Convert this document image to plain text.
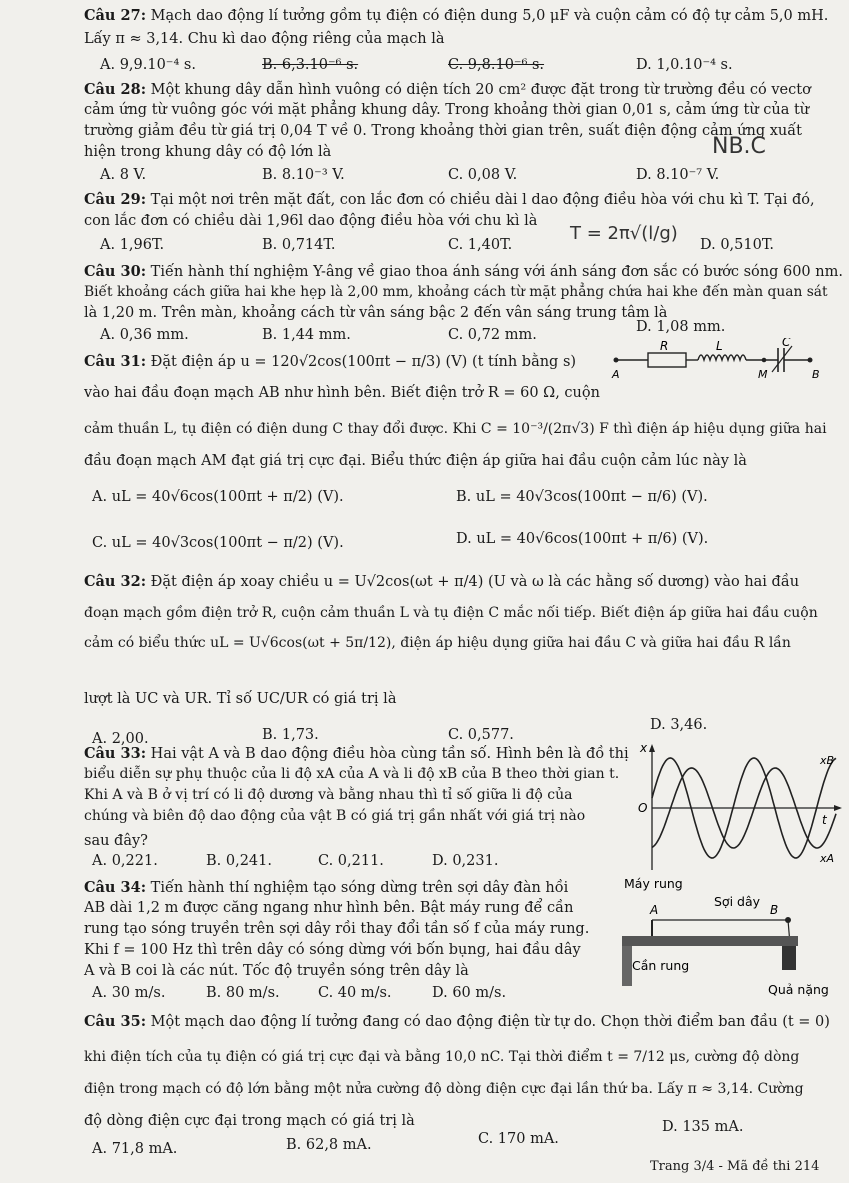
Câu 27: Mạch dao động lí tưởng gồm tụ điện có điện dung 5,0 μF và cuộn cảm có độ tự cảm 5,0 mH.
Lấy π ≈ 3,14. Chu kì dao động riêng của mạch là
A. 9,9.10⁻⁴ s.	B. 6,3.10⁻⁶ s.	C. 9,8.10⁻⁶ s.	D. 1,0.10⁻⁴ s.
Câu 28: Một khung dây dẫn hình vuông có diện tích 20 cm² được đặt trong từ trường đều có vectơ
cảm ứng từ vuông góc với mặt phẳng khung dây. Trong khoảng thời gian 0,01 s, cảm ứng từ của từ
trường giảm đều từ giá trị 0,04 T về 0. Trong khoảng thời gian trên, suất điện động cảm ứng xuất
hiện trong khung dây có độ lớn là	NB.C
A. 8 V.	B. 8.10⁻³ V.	C. 0,08 V.	D. 8.10⁻⁷ V.
Câu 29: Tại một nơi trên mặt đất, con lắc đơn có chiều dài l dao động điều hòa với chu kì T. Tại đó,
con lắc đơn có chiều dài 1,96l dao động điều hòa với chu kì là
T = 2π√(l/g)
A. 1,96T.	B. 0,714T.	C. 1,40T.	D. 0,510T.
Câu 30: Tiến hành thí nghiệm Y-âng về giao thoa ánh sáng với ánh sáng đơn sắc có bước sóng 600 nm.
Biết khoảng cách giữa hai khe hẹp là 2,00 mm, khoảng cách từ mặt phẳng chứa hai khe đến màn quan sát
là 1,20 m. Trên màn, khoảng cách từ vân sáng bậc 2 đến vân sáng trung tâm là
A. 0,36 mm.	B. 1,44 mm.	C. 0,72 mm.	D. 1,08 mm.
Câu 31: Đặt điện áp u = 120√2cos(100πt − π/3) (V) (t tính bằng s)
A
R	L	C
M	B
vào hai đầu đoạn mạch AB như hình bên. Biết điện trở R = 60 Ω, cuộn
cảm thuần L, tụ điện có điện dung C thay đổi được. Khi C = 10⁻³/(2π√3) F thì điện áp hiệu dụng giữa hai
đầu đoạn mạch AM đạt giá trị cực đại. Biểu thức điện áp giữa hai đầu cuộn cảm lúc này là
A. uL = 40√6cos(100πt + π/2) (V).	B. uL = 40√3cos(100πt − π/6) (V).
C. uL = 40√3cos(100πt − π/2) (V).	D. uL = 40√6cos(100πt + π/6) (V).
Câu 32: Đặt điện áp xoay chiều u = U√2cos(ωt + π/4) (U và ω là các hằng số dương) vào hai đầu
đoạn mạch gồm điện trở R, cuộn cảm thuần L và tụ điện C mắc nối tiếp. Biết điện áp giữa hai đầu cuộn
cảm có biểu thức uL = U√6cos(ωt + 5π/12), điện áp hiệu dụng giữa hai đầu C và giữa hai đầu R lần
lượt là UC và UR. Tỉ số UC/UR có giá trị là
A. 2,00.	B. 1,73.	C. 0,577.
D. 3,46.
Câu 33: Hai vật A và B dao động điều hòa cùng tần số. Hình bên là đồ thị
biểu diễn sự phụ thuộc của li độ xA của A và li độ xB của B theo thời gian t.
Khi A và B ở vị trí có li độ dương và bằng nhau thì tỉ số giữa li độ của
chúng và biên độ dao động của vật B có giá trị gần nhất với giá trị nào
sau đây?
A. 0,221.	B. 0,241.	C. 0,211.	D. 0,231.
x
O
t
xB
xA
Câu 34: Tiến hành thí nghiệm tạo sóng dừng trên sợi dây đàn hồi
AB dài 1,2 m được căng ngang như hình bên. Bật máy rung để cần
rung tạo sóng truyền trên sợi dây rồi thay đổi tần số f của máy rung.
Khi f = 100 Hz thì trên dây có sóng dừng với bốn bụng, hai đầu dây
A và B coi là các nút. Tốc độ truyền sóng trên dây là
A. 30 m/s.	B. 80 m/s.	C. 40 m/s.	D. 60 m/s.
Máy rung
Sợi dây
A	B
Cần rung
Quả nặng
Câu 35: Một mạch dao động lí tưởng đang có dao động điện từ tự do. Chọn thời điểm ban đầu (t = 0)
khi điện tích của tụ điện có giá trị cực đại và bằng 10,0 nC. Tại thời điểm t = 7/12 μs, cường độ dòng
điện trong mạch có độ lớn bằng một nửa cường độ dòng điện cực đại lần thứ ba. Lấy π ≈ 3,14. Cường
độ dòng điện cực đại trong mạch có giá trị là
A. 71,8 mA.	B. 62,8 mA.	C. 170 mA.
D. 135 mA.
Trang 3/4 - Mã đề thi 214
